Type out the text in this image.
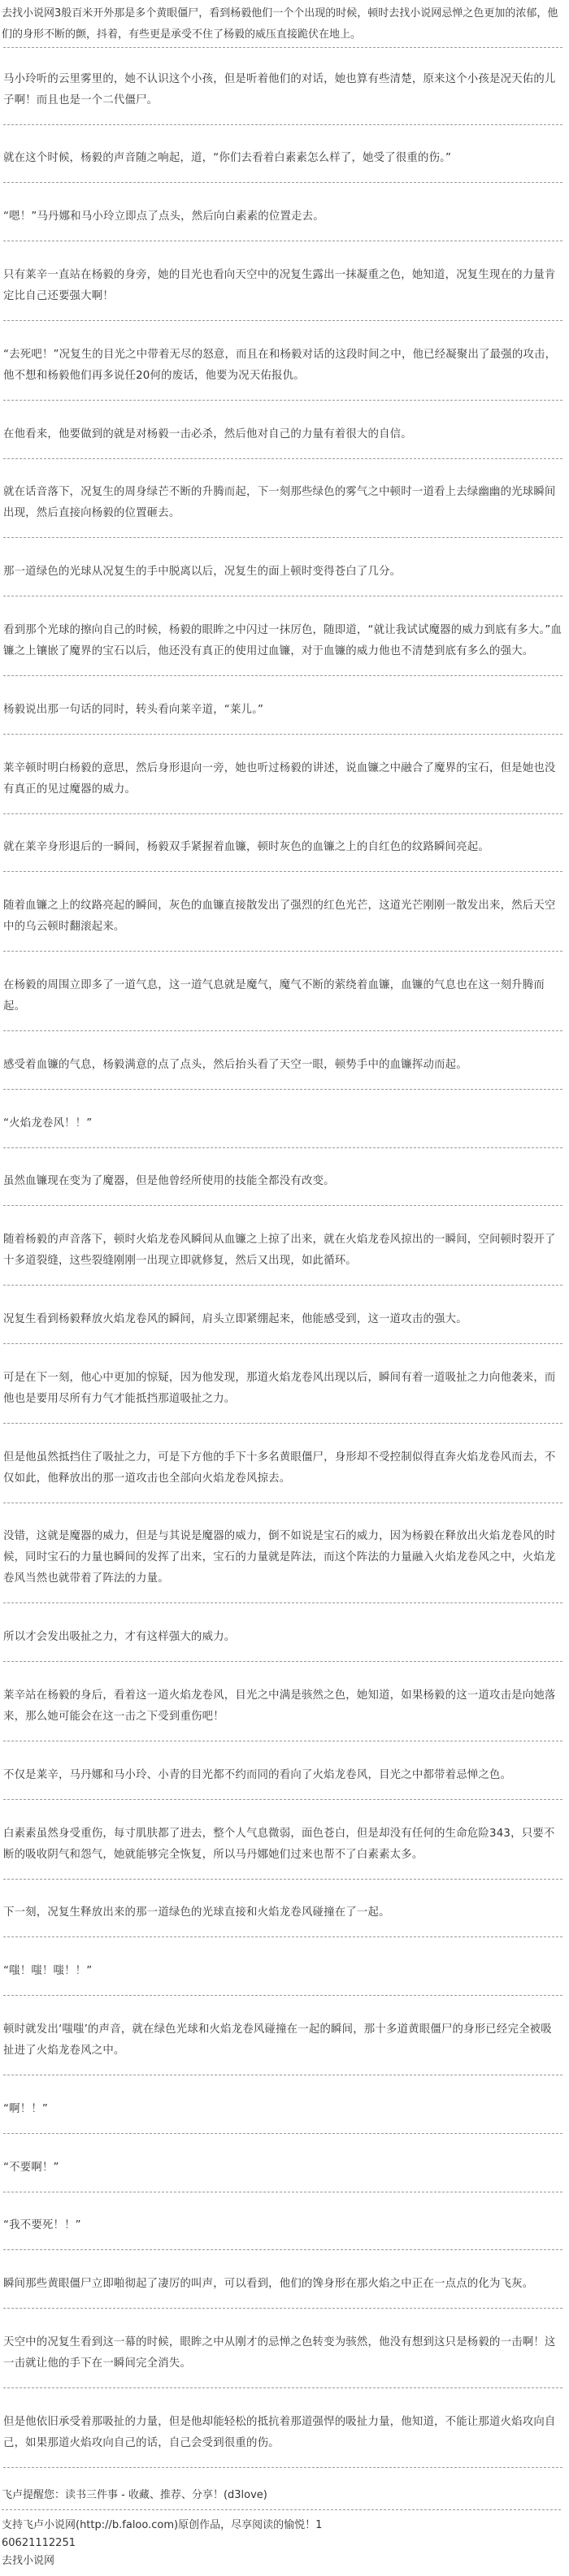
去找小说网3般百米开外那是多个黄眼僵尸，看到杨毅他们一个个出现的时候，顿时去找小说网忌惮之色更加的浓郁，他们的身形不断的颤，抖着，有些更是承受不住了杨毅的威压直接跪伏在地上。
马小玲听的云里雾里的，她不认识这个小孩，但是听着他们的对话，她也算有些清楚，原来这个小孩是况天佑的儿子啊！而且也是一个二代僵尸。
就在这个时候，杨毅的声音随之响起，道，“你们去看着白素素怎么样了，她受了很重的伤。”
“嗯！”马丹娜和马小玲立即点了点头，然后向白素素的位置走去。
只有莱辛一直站在杨毅的身旁，她的目光也看向天空中的况复生露出一抹凝重之色，她知道，况复生现在的力量肯定比自己还要强大啊！
“去死吧！”况复生的目光之中带着无尽的怒意，而且在和杨毅对话的这段时间之中，他已经凝聚出了最强的攻击，他不想和杨毅他们再多说任20何的废话，他要为况天佑报仇。
在他看来，他要做到的就是对杨毅一击必杀，然后他对自己的力量有着很大的自信。
就在话音落下，况复生的周身绿芒不断的升腾而起，下一刻那些绿色的雾气之中顿时一道看上去绿幽幽的光球瞬间出现，然后直接向杨毅的位置砸去。
那一道绿色的光球从况复生的手中脱离以后，况复生的面上顿时变得苍白了几分。
看到那个光球的擦向自己的时候，杨毅的眼眸之中闪过一抹厉色，随即道，“就让我试试魔器的威力到底有多大。”血镰之上镶嵌了魔界的宝石以后，他还没有真正的使用过血镰，对于血镰的威力他也不清楚到底有多么的强大。
杨毅说出那一句话的同时，转头看向莱辛道，“莱儿。”
莱辛顿时明白杨毅的意思，然后身形退向一旁，她也听过杨毅的讲述，说血镰之中融合了魔界的宝石，但是她也没有真正的见过魔器的威力。
就在莱辛身形退后的一瞬间，杨毅双手紧握着血镰，顿时灰色的血镰之上的自红色的纹路瞬间亮起。
随着血镰之上的纹路亮起的瞬间，灰色的血镰直接散发出了强烈的红色光芒，这道光芒刚刚一散发出来，然后天空中的乌云顿时翻滚起来。
在杨毅的周围立即多了一道气息，这一道气息就是魔气，魔气不断的萦绕着血镰，血镰的气息也在这一刻升腾而起。
感受着血镰的气息，杨毅满意的点了点头，然后抬头看了天空一眼，顿势手中的血镰挥动而起。
“火焰龙卷风！！”
虽然血镰现在变为了魔器，但是他曾经所使用的技能全都没有改变。
随着杨毅的声音落下，顿时火焰龙卷风瞬间从血镰之上掠了出来，就在火焰龙卷风掠出的一瞬间，空间顿时裂开了十多道裂缝，这些裂缝刚刚一出现立即就修复，然后又出现，如此循环。
况复生看到杨毅释放火焰龙卷风的瞬间，肩头立即紧绷起来，他能感受到，这一道攻击的强大。
可是在下一刻，他心中更加的惊疑，因为他发现，那道火焰龙卷风出现以后，瞬间有着一道吸扯之力向他袭来，而他也是要用尽所有力气才能抵挡那道吸扯之力。
但是他虽然抵挡住了吸扯之力，可是下方他的手下十多名黄眼僵尸，身形却不受控制似得直奔火焰龙卷风而去，不仅如此，他释放出的那一道攻击也全部向火焰龙卷风掠去。
没错，这就是魔器的威力，但是与其说是魔器的威力，倒不如说是宝石的威力，因为杨毅在释放出火焰龙卷风的时候，同时宝石的力量也瞬间的发挥了出来，宝石的力量就是阵法，而这个阵法的力量融入火焰龙卷风之中，火焰龙卷风当然也就带着了阵法的力量。
所以才会发出吸扯之力，才有这样强大的威力。
莱辛站在杨毅的身后，看着这一道火焰龙卷风，目光之中满是骇然之色，她知道，如果杨毅的这一道攻击是向她落来，那么她可能会在这一击之下受到重伤吧！
不仅是莱辛，马丹娜和马小玲、小青的目光都不约而同的看向了火焰龙卷风，目光之中都带着忌惮之色。
白素素虽然身受重伤，每寸肌肤都了进去，整个人气息微弱，面色苍白，但是却没有任何的生命危险343，只要不断的吸收阴气和怨气，她就能够完全恢复，所以马丹娜她们过来也帮不了白素素太多。
下一刻，况复生释放出来的那一道绿色的光球直接和火焰龙卷风碰撞在了一起。
“嗤！嗤！嗤！！”
顿时就发出‘嗤嗤’的声音，就在绿色光球和火焰龙卷风碰撞在一起的瞬间，那十多道黄眼僵尸的身形已经完全被吸扯进了火焰龙卷风之中。
“啊！！”
“不要啊！”
“我不要死！！”
瞬间那些黄眼僵尸立即啪彻起了凄厉的叫声，可以看到，他们的馋身形在那火焰之中正在一点点的化为飞灰。
天空中的况复生看到这一幕的时候，眼眸之中从刚才的忌惮之色转变为骇然，他没有想到这只是杨毅的一击啊！这一击就让他的手下在一瞬间完全消失。
但是他依旧承受着那吸扯的力量，但是他却能轻松的抵抗着那道强悍的吸扯力量，他知道，不能让那道火焰攻向自己，如果那道火焰攻向自己的话，自己会受到很重的伤。
飞卢提醒您：读书三件事 - 收藏、推荐、分享！(d3love)
支持飞卢小说网(http://b.faloo.com)原创作品，尽享阅读的愉悦！1
60621112251
去找小说网
